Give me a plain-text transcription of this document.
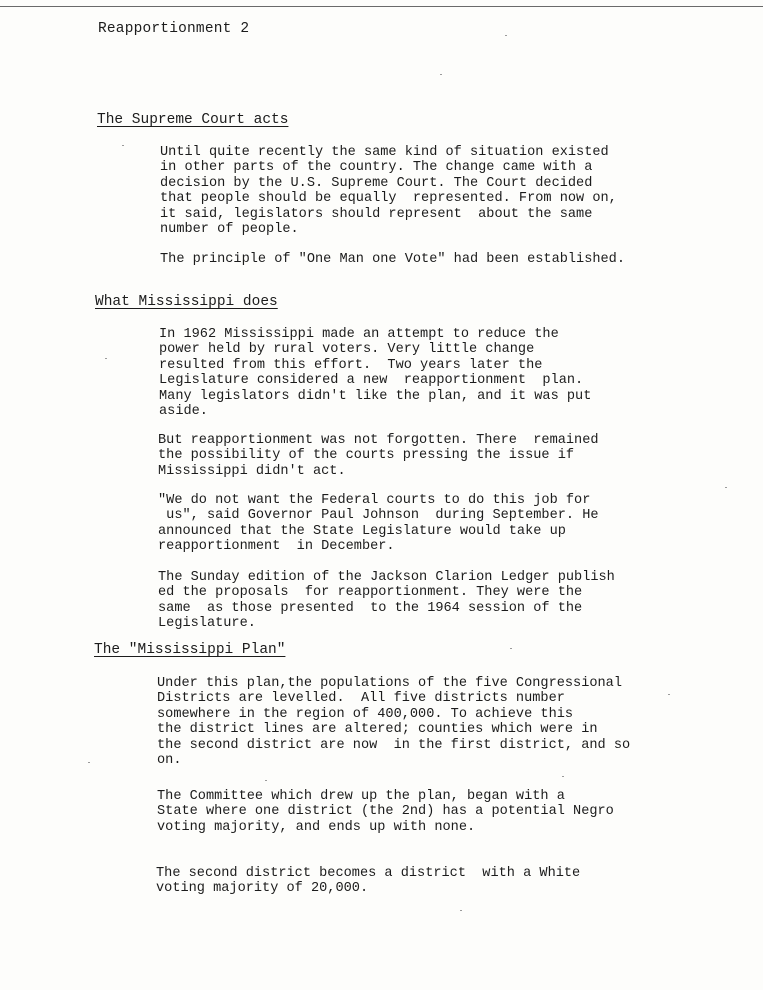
Reapportionment 2
The Supreme Court acts
Until quite recently the same kind of situation existed
in other parts of the country. The change came with a
decision by the U.S. Supreme Court. The Court decided
that people should be equally  represented. From now on,
it said, legislators should represent  about the same
number of people.
The principle of "One Man one Vote" had been established.
What Mississippi does
In 1962 Mississippi made an attempt to reduce the
power held by rural voters. Very little change
resulted from this effort.  Two years later the
Legislature considered a new  reapportionment  plan.
Many legislators didn't like the plan, and it was put
aside.
But reapportionment was not forgotten. There  remained
the possibility of the courts pressing the issue if
Mississippi didn't act.
"We do not want the Federal courts to do this job for
us", said Governor Paul Johnson  during September. He
announced that the State Legislature would take up
reapportionment  in December.
The Sunday edition of the Jackson Clarion Ledger publish
ed the proposals  for reapportionment. They were the
same  as those presented  to the 1964 session of the
Legislature.
The "Mississippi Plan"
Under this plan,the populations of the five Congressional
Districts are levelled.  All five districts number
somewhere in the region of 400,000. To achieve this
the district lines are altered; counties which were in
the second district are now  in the first district, and so
on.
The Committee which drew up the plan, began with a
State where one district (the 2nd) has a potential Negro
voting majority, and ends up with none.
The second district becomes a district  with a White
voting majority of 20,000.
